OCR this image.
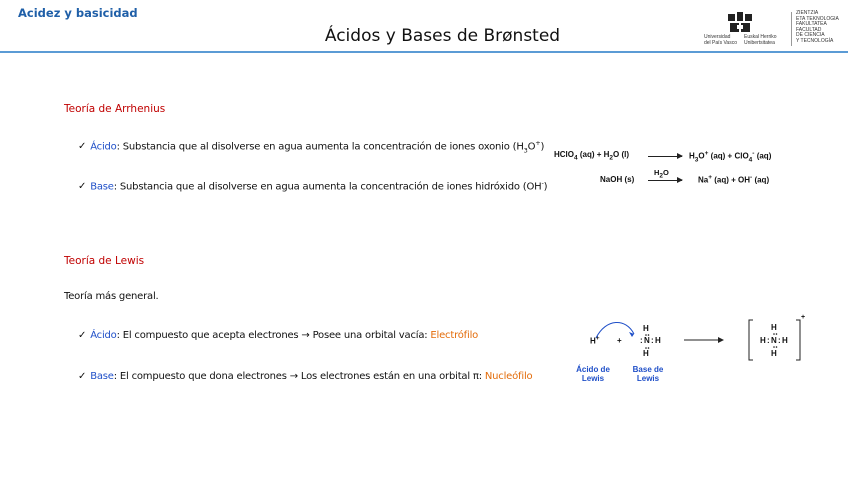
Acidez y basicidad
Ácidos y Bases de Brønsted	Universidad
del País Vasco
Euskal Herriko
Unibertsitatea
ZIENTZIA
ETA TEKNOLOGIA
FAKULTATEA
FACULTAD
DE CIENCIA
Y TECNOLOGÍA
Teoría de Arrhenius
✓ Ácido: Substancia que al disolverse en agua aumenta la concentración de iones oxonio $(H_3O^+)$
✓ Base: Substancia que al disolverse en agua aumenta la concentración de iones hidróxido (OH-)
HClO$_4$ $(aq) + H_2O$ $(l) \to H_3O^+$ (aq) + ClO$_4$- (aq)
NaOH (s)
$H_2O$
→ Na+ (aq) + OH- (aq)
Teoría de Lewis
Teoría más general.
✓ Ácido: El compuesto que acepta electrones → Posee una orbital vacía: Electrófilo
✓ Base: El compuesto que dona electrones → Los electrones están en una orbital π: Nucleófilo
H+ +
H
: N : H
H
H
H : N : H
H
+
Ácido de
Lewis
Base de
Lewis
